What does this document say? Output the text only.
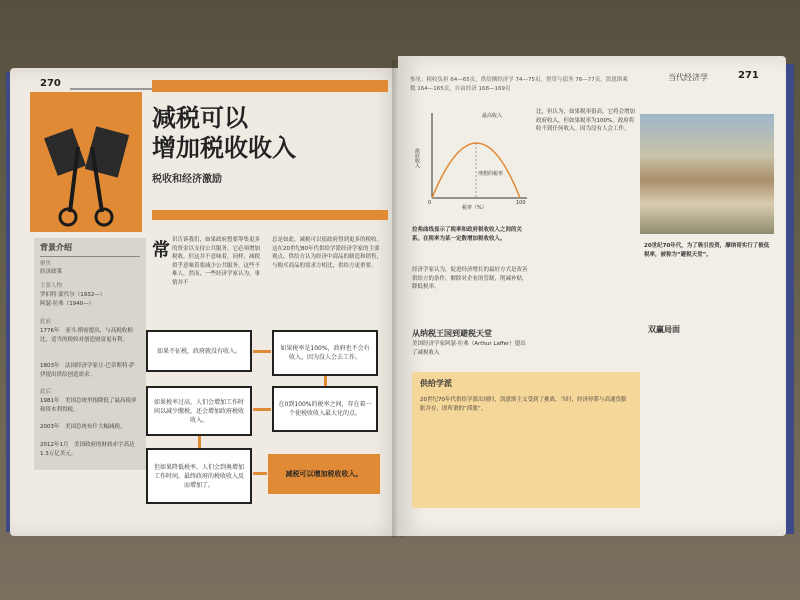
270
减税可以
增加税收收入
税收和经济激励
背景介绍
聚焦
经济政策
主要人物
罗伯特·蒙代尔（1932—）
阿瑟·拉弗（1940—）
此前
1776年　亚当·斯密提出，与高税收相比，适当的税收对创造财富更有利。
1803年　法国经济学家让-巴蒂斯特·萨伊提出供给创造需求。
此后
1981年　美国总统里根降低了最高税率和资本利得税。
2003年　美国总统布什大幅减税。
2012年1月　美国政府的财政赤字高达1.3万亿美元。
常 识告诉我们，如果政府想要筹集更多的资金以支持公共服务，它必须增加税收。但这并不意味着，同样，减税似乎意味着要减少公共服务。这些不难人，然而，一些经济学家认为，事情并不
总是如此。减税可以使政府得到更多的税收。这在20世纪80年代供给学派经济学家的主要观点。供给方认为经济中商品的制造和销售，与购买商品的需求方相比，供给方更重要。
如果不征税，政府就没有收入。	如果税率是100%，政府也不会有收入，因为没人会去工作。
在0到100%的税率之间，存在着一个使税收收入最大化的点。
如果税率过高，人们会增加工作时间以减少缴税，还会增加政府税收收入。
但如果降低税率，人们会到奥增加工作时间，最终政府的税收收入反而增加了。
减税可以增加税收收入。
参见：税收负担 64—65页，供给侧经济学 74—75页，借贷与债务 76—77页，凯恩斯乘数 164—165页，自由经济 168—169页
当代经济学	271
最高收入
理想的税率
政府收入
税率（%）
0	100
拉弗曲线显示了税率和政府税收收入之间的关系。在税率为某一定数增加税收收入。
经济学家认为，促进经济增长的最好方式是改善供给方的条件，解除对企业的管制，削减补贴，降低税率。
从纳税王国到避税天堂
美国经济学家阿瑟·拉弗（Arthur Laffer）提出了减税收入
比，但认为，如果税率很高，它将会增加政府收入，但如果税率为100%，政府将收不到任何收入。因为没有人会工作。
20世纪70年代，为了吸引投资，摩纳哥实行了极低税率，被称为“避税天堂”。
双赢局面
供给学派
20世纪70年代供给学派出现时，凯恩斯主义受到了挑战。当时，经济停滞与高通货膨胀并存，即所谓的“滞胀”。
